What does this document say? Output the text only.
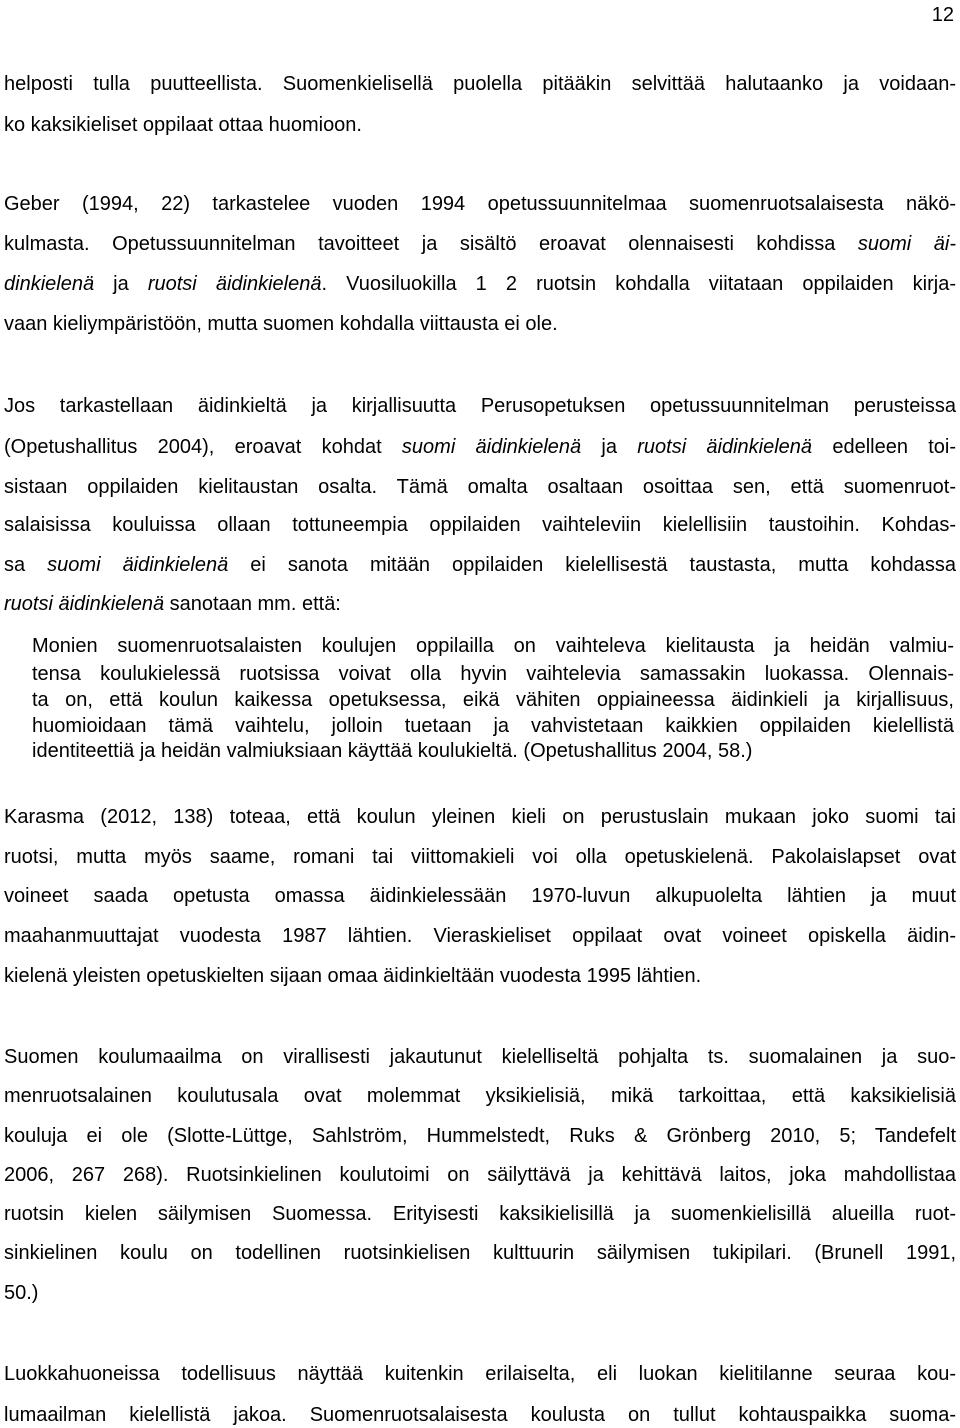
12
helposti tulla puutteellista. Suomenkielisellä puolella pitääkin selvittää halutaanko ja voidaan-
ko kaksikieliset oppilaat ottaa huomioon.
Geber (1994, 22) tarkastelee vuoden 1994 opetussuunnitelmaa suomenruotsalaisesta näkö-
kulmasta. Opetussuunnitelman tavoitteet ja sisältö eroavat olennaisesti kohdissa suomi äi-
dinkielenä ja ruotsi äidinkielenä. Vuosiluokilla 1 2 ruotsin kohdalla viitataan oppilaiden kirja-
vaan kieliympäristöön, mutta suomen kohdalla viittausta ei ole.
Jos tarkastellaan äidinkieltä ja kirjallisuutta Perusopetuksen opetussuunnitelman perusteissa
(Opetushallitus 2004), eroavat kohdat suomi äidinkielenä ja ruotsi äidinkielenä edelleen toi-
sistaan oppilaiden kielitaustan osalta. Tämä omalta osaltaan osoittaa sen, että suomenruot-
salaisissa kouluissa ollaan tottuneempia oppilaiden vaihteleviin kielellisiin taustoihin. Kohdas-
sa suomi äidinkielenä ei sanota mitään oppilaiden kielellisestä taustasta, mutta kohdassa
ruotsi äidinkielenä sanotaan mm. että:
Monien suomenruotsalaisten koulujen oppilailla on vaihteleva kielitausta ja heidän valmiu-
tensa koulukielessä ruotsissa voivat olla hyvin vaihtelevia samassakin luokassa. Olennais-
ta on, että koulun kaikessa opetuksessa, eikä vähiten oppiaineessa äidinkieli ja kirjallisuus,
huomioidaan tämä vaihtelu, jolloin tuetaan ja vahvistetaan kaikkien oppilaiden kielellistä
identiteettiä ja heidän valmiuksiaan käyttää koulukieltä. (Opetushallitus 2004, 58.)
Karasma (2012, 138) toteaa, että koulun yleinen kieli on perustuslain mukaan joko suomi tai
ruotsi, mutta myös saame, romani tai viittomakieli voi olla opetuskielenä. Pakolaislapset ovat
voineet saada opetusta omassa äidinkielessään 1970-luvun alkupuolelta lähtien ja muut
maahanmuuttajat vuodesta 1987 lähtien. Vieraskieliset oppilaat ovat voineet opiskella äidin-
kielenä yleisten opetuskielten sijaan omaa äidinkieltään vuodesta 1995 lähtien.
Suomen koulumaailma on virallisesti jakautunut kielelliseltä pohjalta ts. suomalainen ja suo-
menruotsalainen koulutusala ovat molemmat yksikielisiä, mikä tarkoittaa, että kaksikielisiä
kouluja ei ole (Slotte-Lüttge, Sahlström, Hummelstedt, Ruks & Grönberg 2010, 5; Tandefelt
2006, 267 268). Ruotsinkielinen koulutoimi on säilyttävä ja kehittävä laitos, joka mahdollistaa
ruotsin kielen säilymisen Suomessa. Erityisesti kaksikielisillä ja suomenkielisillä alueilla ruot-
sinkielinen koulu on todellinen ruotsinkielisen kulttuurin säilymisen tukipilari. (Brunell 1991,
50.)
Luokkahuoneissa todellisuus näyttää kuitenkin erilaiselta, eli luokan kielitilanne seuraa kou-
lumaailman kielellistä jakoa. Suomenruotsalaisesta koulusta on tullut kohtauspaikka suoma-
